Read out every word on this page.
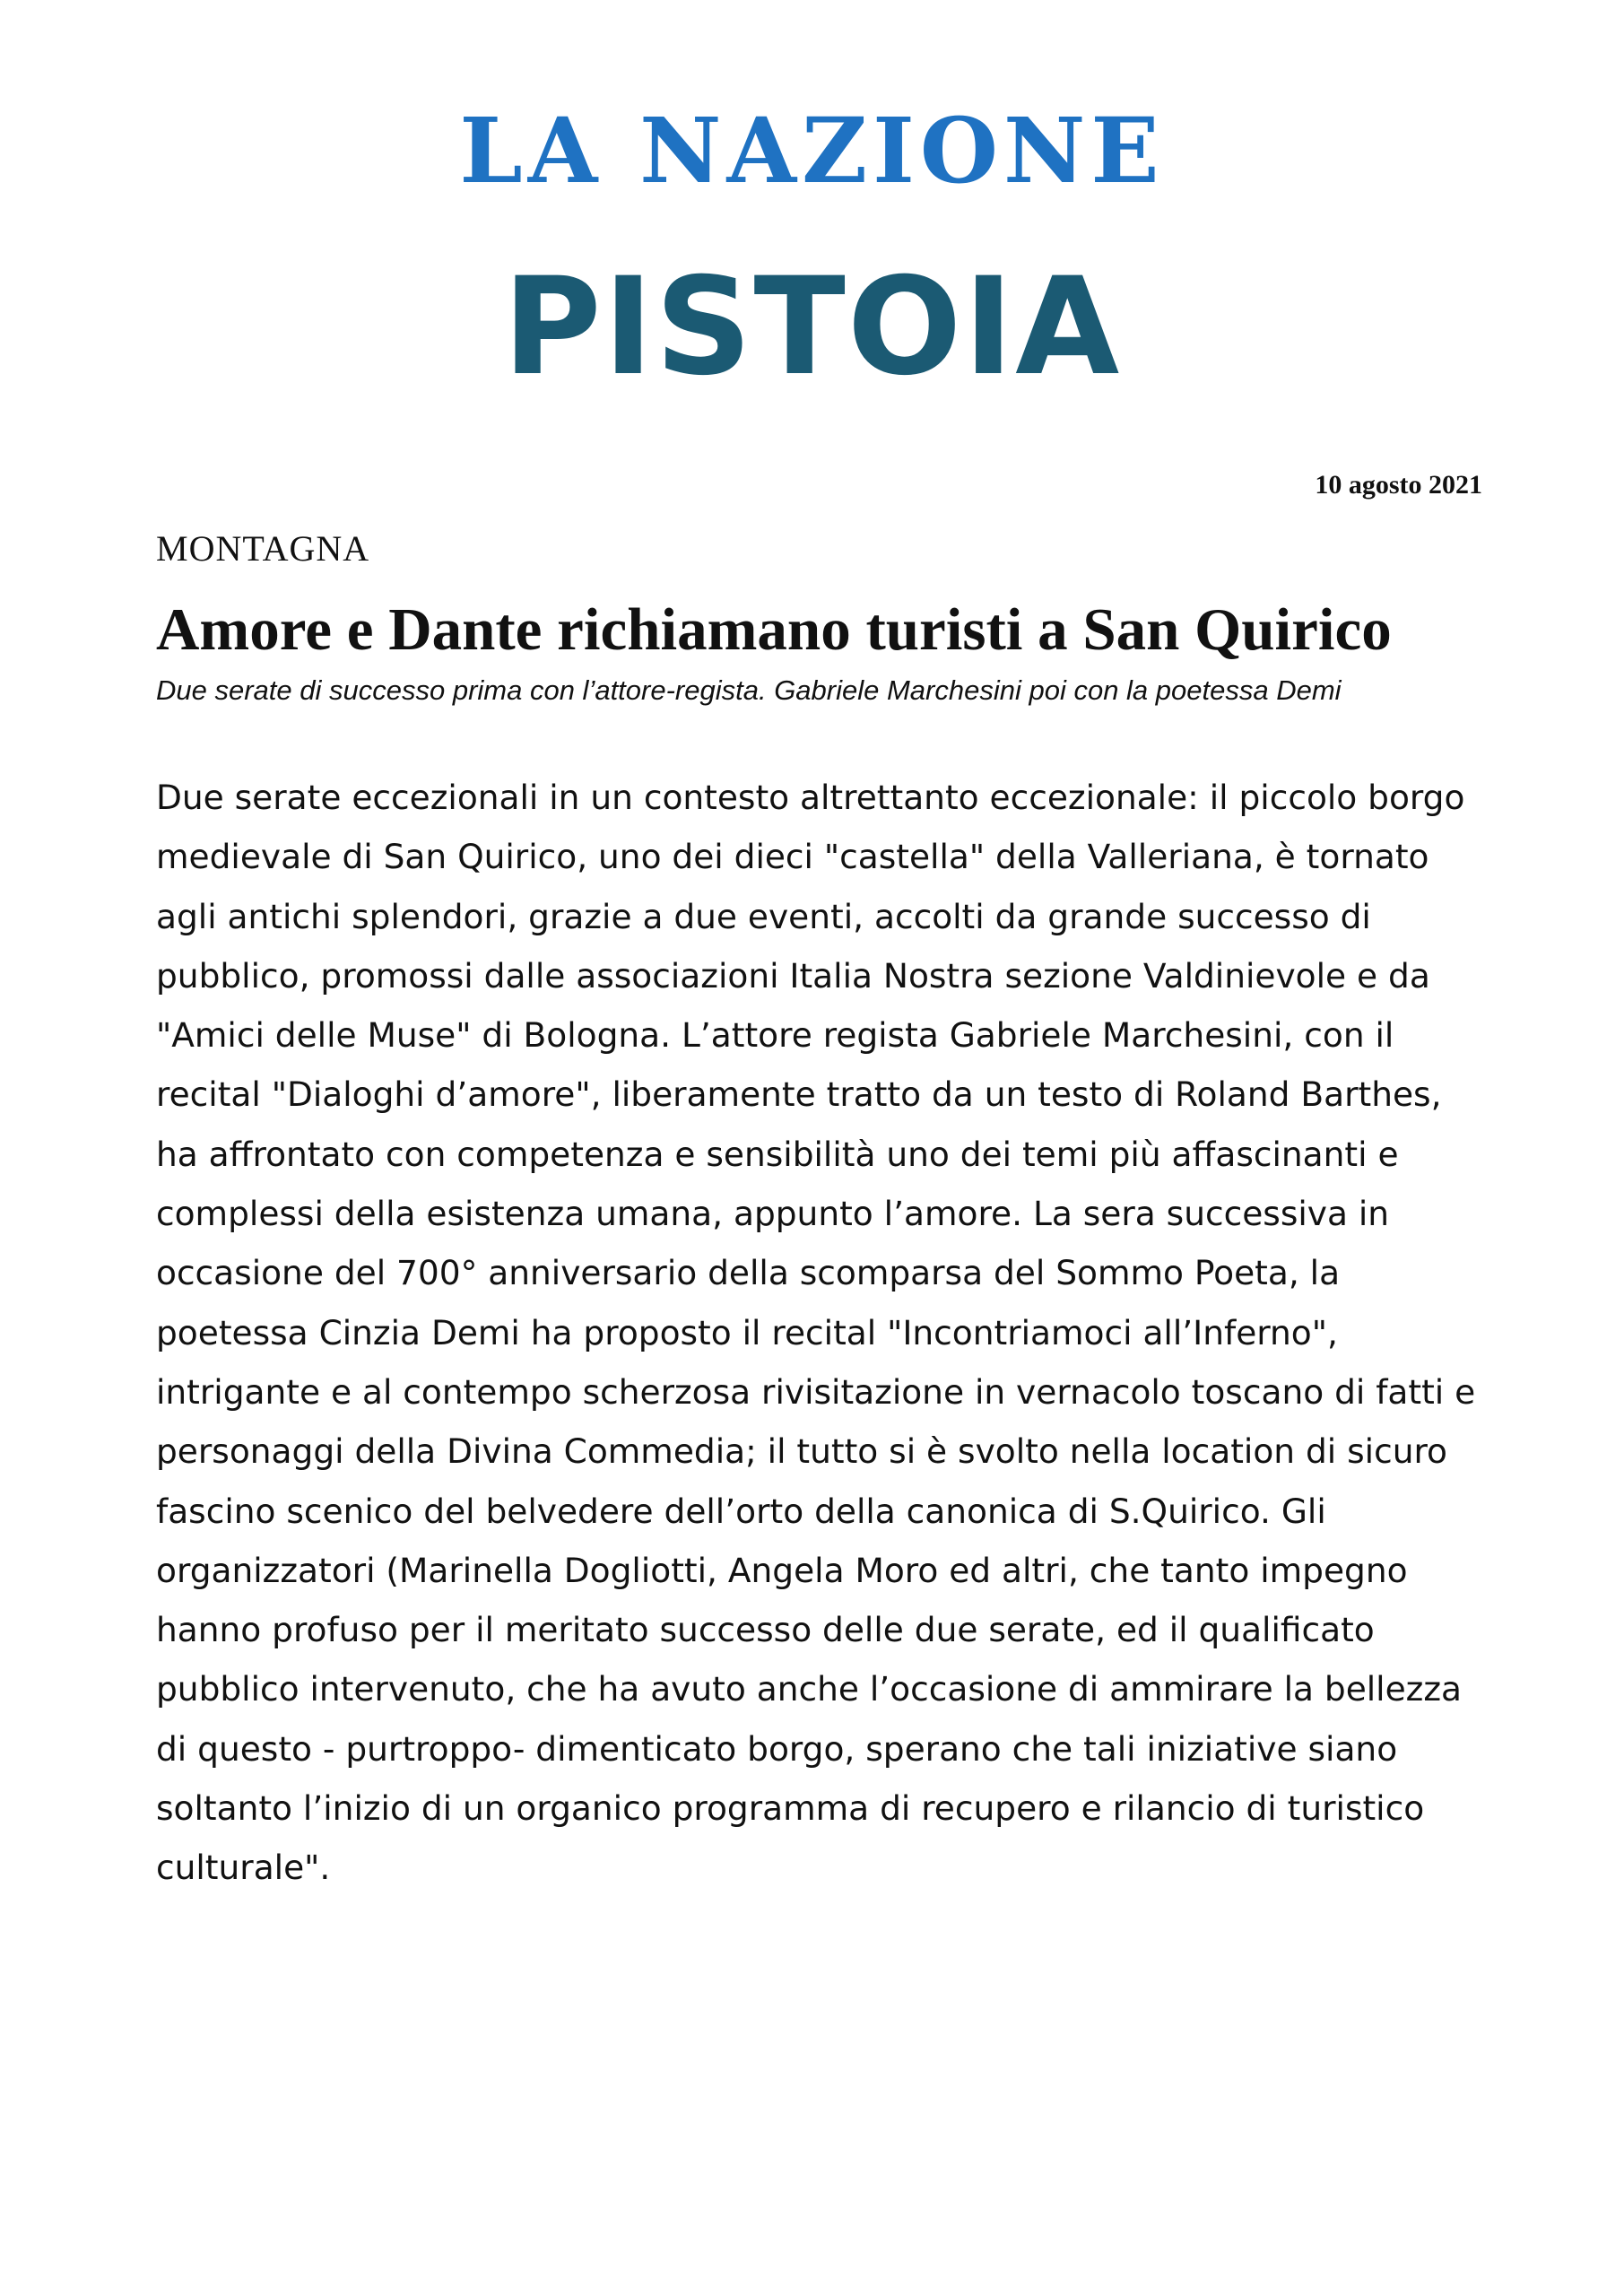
LA NAZIONE
PISTOIA
10 agosto 2021
MONTAGNA
Amore e Dante richiamano turisti a San Quirico
Due serate di successo prima con l’attore-regista. Gabriele Marchesini poi con la poetessa Demi
Due serate eccezionali in un contesto altrettanto eccezionale: il piccolo borgo
medievale di San Quirico, uno dei dieci "castella" della Valleriana, è tornato
agli antichi splendori, grazie a due eventi, accolti da grande successo di
pubblico, promossi dalle associazioni Italia Nostra sezione Valdinievole e da
"Amici delle Muse" di Bologna. L’attore regista Gabriele Marchesini, con il
recital "Dialoghi d’amore", liberamente tratto da un testo di Roland Barthes,
ha affrontato con competenza e sensibilità uno dei temi più affascinanti e
complessi della esistenza umana, appunto l’amore. La sera successiva in
occasione del 700° anniversario della scomparsa del Sommo Poeta, la
poetessa Cinzia Demi ha proposto il recital "Incontriamoci all’Inferno",
intrigante e al contempo scherzosa rivisitazione in vernacolo toscano di fatti e
personaggi della Divina Commedia; il tutto si è svolto nella location di sicuro
fascino scenico del belvedere dell’orto della canonica di S.Quirico. Gli
organizzatori (Marinella Dogliotti, Angela Moro ed altri, che tanto impegno
hanno profuso per il meritato successo delle due serate, ed il qualificato
pubblico intervenuto, che ha avuto anche l’occasione di ammirare la bellezza
di questo - purtroppo- dimenticato borgo, sperano che tali iniziative siano
soltanto l’inizio di un organico programma di recupero e rilancio di turistico
culturale".
